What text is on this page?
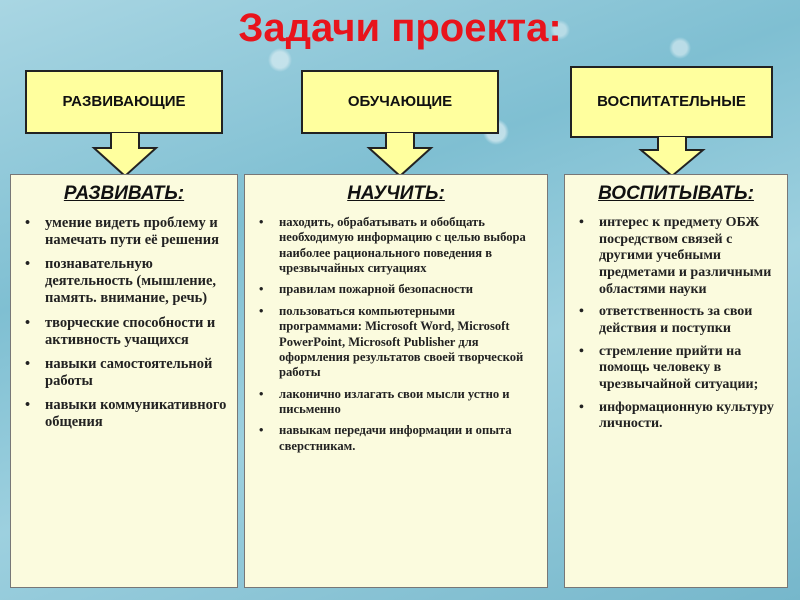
Задачи проекта:
РАЗВИВАЮЩИЕ	ОБУЧАЮЩИЕ	ВОСПИТАТЕЛЬНЫЕ
РАЗВИВАТЬ:
• умение видеть проблему и намечать пути её решения
• познавательную деятельность (мышление, память. внимание, речь)
• творческие способности и активность учащихся
• навыки самостоятельной работы
• навыки коммуникативного общения
НАУЧИТЬ:
• находить, обрабатывать и обобщать необходимую информацию с целью выбора наиболее рационального поведения в чрезвычайных ситуациях
• правилам пожарной безопасности
• пользоваться компьютерными программами: Microsoft Word, Microsoft PowerPoint, Microsoft Publisher для оформления результатов своей творческой работы
• лаконично излагать свои мысли устно и письменно
• навыкам передачи информации и опыта сверстникам.
ВОСПИТЫВАТЬ:
• интерес к предмету ОБЖ посредством связей с другими учебными предметами и различными областями науки
• ответственность за свои действия и поступки
• стремление прийти на помощь человеку в чрезвычайной ситуации;
• информационную культуру личности.
